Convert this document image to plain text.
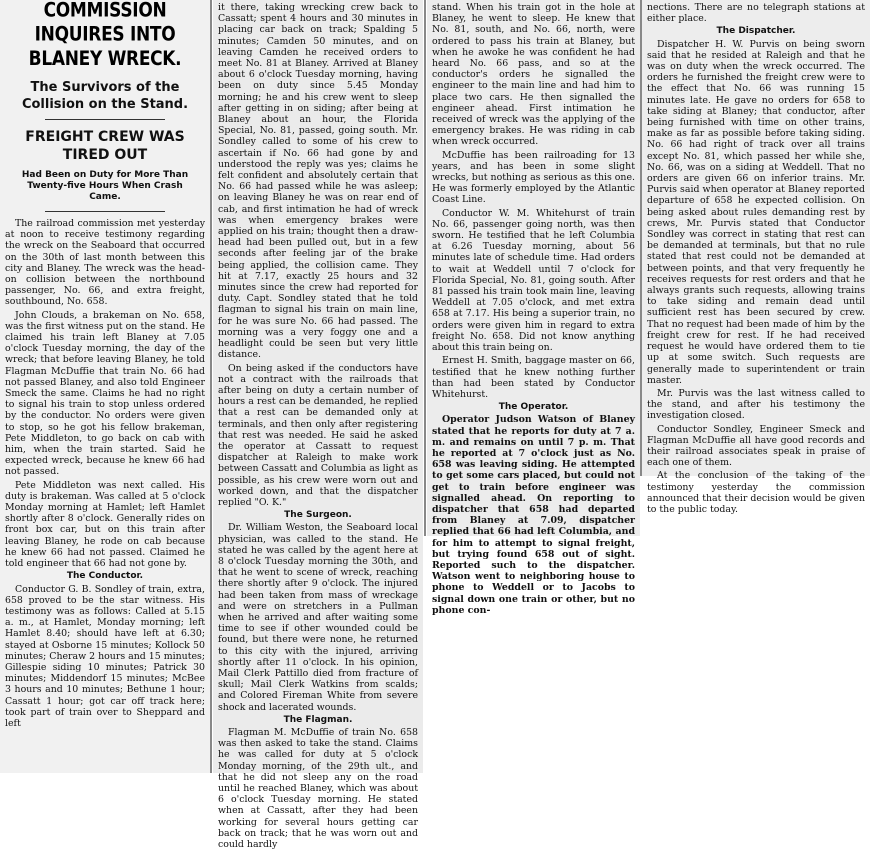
COMMISSION INQUIRES INTO BLANEY WRECK.
The Survivors of the Collision on the Stand.
FREIGHT CREW WAS TIRED OUT
Had Been on Duty for More Than Twenty-five Hours When Crash Came.

The railroad commission met yesterday at noon to receive testimony regarding the wreck on the Seaboard that occurred on the 30th of last month between this city and Blaney. The wreck was the head-on collision between the northbound passenger, No. 66, and extra freight, southbound, No. 658.

John Clouds, a brakeman on No. 658, was the first witness put on the stand. He claimed his train left Blaney at 7.05 o'clock Tuesday morning, the day of the wreck; that before leaving Blaney, he told Flagman McDuffie that train No. 66 had not passed Blaney, and also told Engineer Smeck the same. Claims he had no right to signal his train to stop unless ordered by the conductor. No orders were given to stop, so he got his fellow brakeman, Pete Middleton, to go back on cab with him, when the train started. Said he expected wreck, because he knew 66 had not passed.

Pete Middleton was next called. His duty is brakeman. Was called at 5 o'clock Monday morning at Hamlet; left Hamlet shortly after 8 o'clock. Generally rides on front box car, but on this train after leaving Blaney, he rode on cab because he knew 66 had not passed. Claimed he told engineer that 66 had not gone by.

The Conductor.

Conductor G. B. Sondley of train, extra, 658 proved to be the star witness. His testimony was as follows: Called at 5.15 a. m., at Hamlet, Monday morning; left Hamlet 8.40; should have left at 6.30; stayed at Osborne 15 minutes; Kollock 50 minutes; Cheraw 2 hours and 15 minutes; Gillespie siding 10 minutes; Patrick 30 minutes; Middendorf 15 minutes; McBee 3 hours and 10 minutes; Bethune 1 hour; Cassatt 1 hour; got car off track here; took part of train over to Sheppard and left

it there, taking wrecking crew back to Cassatt; spent 4 hours and 30 minutes in placing car back on track; Spalding 5 minutes; Camden 50 minutes, and on leaving Camden he received orders to meet No. 81 at Blaney. Arrived at Blaney about 6 o'clock Tuesday morning, having been on duty since 5.45 Monday morning; he and his crew went to sleep after getting in on siding; after being at Blaney about an hour, the Florida Special, No. 81, passed, going south. Mr. Sondley called to some of his crew to ascertain if No. 66 had gone by and understood the reply was yes; claims he felt confident and absolutely certain that No. 66 had passed while he was asleep; on leaving Blaney he was on rear end of cab, and first intimation he had of wreck was when emergency brakes were applied on his train; thought then a draw-head had been pulled out, but in a few seconds after feeling jar of the brake being applied, the collision came. They hit at 7.17, exactly 25 hours and 32 minutes since the crew had reported for duty. Capt. Sondley stated that he told flagman to signal his train on main line, for he was sure No. 66 had passed. The morning was a very foggy one and a headlight could be seen but very little distance.

On being asked if the conductors have not a contract with the railroads that after being on duty a certain number of hours a rest can be demanded, he replied that a rest can be demanded only at terminals, and then only after registering that rest was needed. He said he asked the operator at Cassatt to request dispatcher at Raleigh to make work between Cassatt and Columbia as light as possible, as his crew were worn out and worked down, and that the dispatcher replied "O. K."

The Surgeon.

Dr. William Weston, the Seaboard local physician, was called to the stand. He stated he was called by the agent here at 8 o'clock Tuesday morning the 30th, and that he went to scene of wreck, reaching there shortly after 9 o'clock. The injured had been taken from mass of wreckage and were on stretchers in a Pullman when he arrived and after waiting some time to see if other wounded could be found, but there were none, he returned to this city with the injured, arriving shortly after 11 o'clock. In his opinion, Mail Clerk Pattillo died from fracture of skull; Mail Clerk Watkins from scalds; and Colored Fireman White from severe shock and lacerated wounds.

The Flagman.

Flagman M. McDuffie of train No. 658 was then asked to take the stand. Claims he was called for duty at 5 o'clock Monday morning, of the 29th ult., and that he did not sleep any on the road until he reached Blaney, which was about 6 o'clock Tuesday morning. He stated when at Cassatt, after they had been working for several hours getting car back on track; that he was worn out and could hardly

stand. When his train got in the hole at Blaney, he went to sleep. He knew that No. 81, south, and No. 66, north, were ordered to pass his train at Blaney, but when he awoke he was confident he had heard No. 66 pass, and so at the conductor's orders he signalled the engineer to the main line and had him to place two cars. He then signalled the engineer ahead. First intimation he received of wreck was the applying of the emergency brakes. He was riding in cab when wreck occurred.

McDuffie has been railroading for 13 years, and has been in some slight wrecks, but nothing as serious as this one. He was formerly employed by the Atlantic Coast Line.

Conductor W. M. Whitehurst of train No. 66, passenger going north, was then sworn. He testified that he left Columbia at 6.26 Tuesday morning, about 56 minutes late of schedule time. Had orders to wait at Weddell until 7 o'clock for Florida Special, No. 81, going south. After 81 passed his train took main line, leaving Weddell at 7.05 o'clock, and met extra 658 at 7.17. His being a superior train, no orders were given him in regard to extra freight No. 658. Did not know anything about this train being on.

Ernest H. Smith, baggage master on 66, testified that he knew nothing further than had been stated by Conductor Whitehurst.

The Operator.

Operator Judson Watson of Blaney stated that he reports for duty at 7 a. m. and remains on until 7 p. m. That he reported at 7 o'clock just as No. 658 was leaving siding. He attempted to get some cars placed, but could not get to train before engineer was signalled ahead. On reporting to dispatcher that 658 had departed from Blaney at 7.09, dispatcher replied that 66 had left Columbia, and for him to attempt to signal freight, but trying found 658 out of sight. Reported such to the dispatcher. Watson went to neighboring house to phone to Weddell or to Jacobs to signal down one train or other, but no phone con-

nections. There are no telegraph stations at either place.

The Dispatcher.

Dispatcher H. W. Purvis on being sworn said that he resided at Raleigh and that he was on duty when the wreck occurred. The orders he furnished the freight crew were to the effect that No. 66 was running 15 minutes late. He gave no orders for 658 to take siding at Blaney; that conductor, after being furnished with time on other trains, make as far as possible before taking siding. No. 66 had right of track over all trains except No. 81, which passed her while she, No. 66, was on a siding at Weddell. That no orders are given 66 on inferior trains. Mr. Purvis said when operator at Blaney reported departure of 658 he expected collision. On being asked about rules demanding rest by crews, Mr. Purvis stated that Conductor Sondley was correct in stating that rest can be demanded at terminals, but that no rule stated that rest could not be demanded at between points, and that very frequently he receives requests for rest orders and that he always grants such requests, allowing trains to take siding and remain dead until sufficient rest has been secured by crew. That no request had been made of him by the freight crew for rest. If he had received request he would have ordered them to tie up at some switch. Such requests are generally made to superintendent or train master.

Mr. Purvis was the last witness called to the stand, and after his testimony the investigation closed.

Conductor Sondley, Engineer Smeck and Flagman McDuffie all have good records and their railroad associates speak in praise of each one of them.

At the conclusion of the taking of the testimony yesterday the commission announced that their decision would be given to the public today.
